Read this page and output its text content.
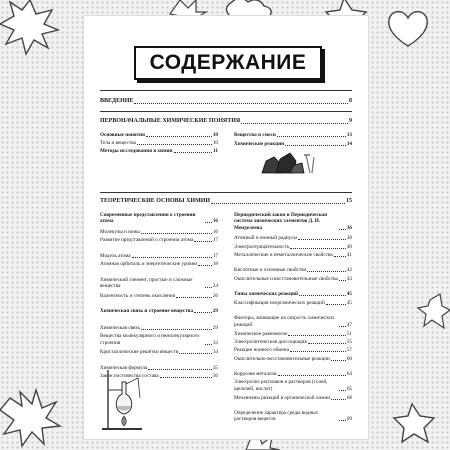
СОДЕРЖАНИЕ
ВВЕДЕНИЕ	8
ПЕРВОНАЧАЛЬНЫЕ ХИМИЧЕСКИЕ ПОНЯТИЯ	9
Основные понятия	10
Тела и вещества	10
Методы исследования в химии	11
Вещества и смеси	13
Химические реакции	14
ТЕОРЕТИЧЕСКИЕ ОСНОВЫ ХИМИИ	15
Современные представления о строении атома	16
Молекулы и ионы	16
Развитие представлений о строении атома	17
Модель атома	17
Атомная орбиталь и энергетические уровни	18
Химический элемент, простые и сложные вещества	24
Валентность и степень окисления	26
Химическая связь и строение вещества	29
Химическая связь	29
Вещества молекулярного и немолекулярного строения	33
Кристаллические решётки веществ	34
Химическая формула	35
Закон постоянства состава	36
Периодический закон и Периодическая система химических элементов Д. И. Менделеева	36
Атомный и ионный радиусы	38
Электроотрицательность	40
Металлические и неметаллические свойства	41
Кислотные и основные свойства	42
Окислительные и восстановительные свойства 43
Типы химических реакций	45
Классификация неорганических реакций	45
Факторы, влияющие на скорость химических реакций	47
Химическое равновесие	51
Электролитическая диссоциация	55
Реакции ионного обмена	57
Окислительно-восстановительные реакции	60
Коррозия металлов	64
Электролиз расплавов и растворов (солей, щелочей, кислот)	65
Механизмы реакций в органической химии	68
Определение характера среды водных растворов веществ	69
